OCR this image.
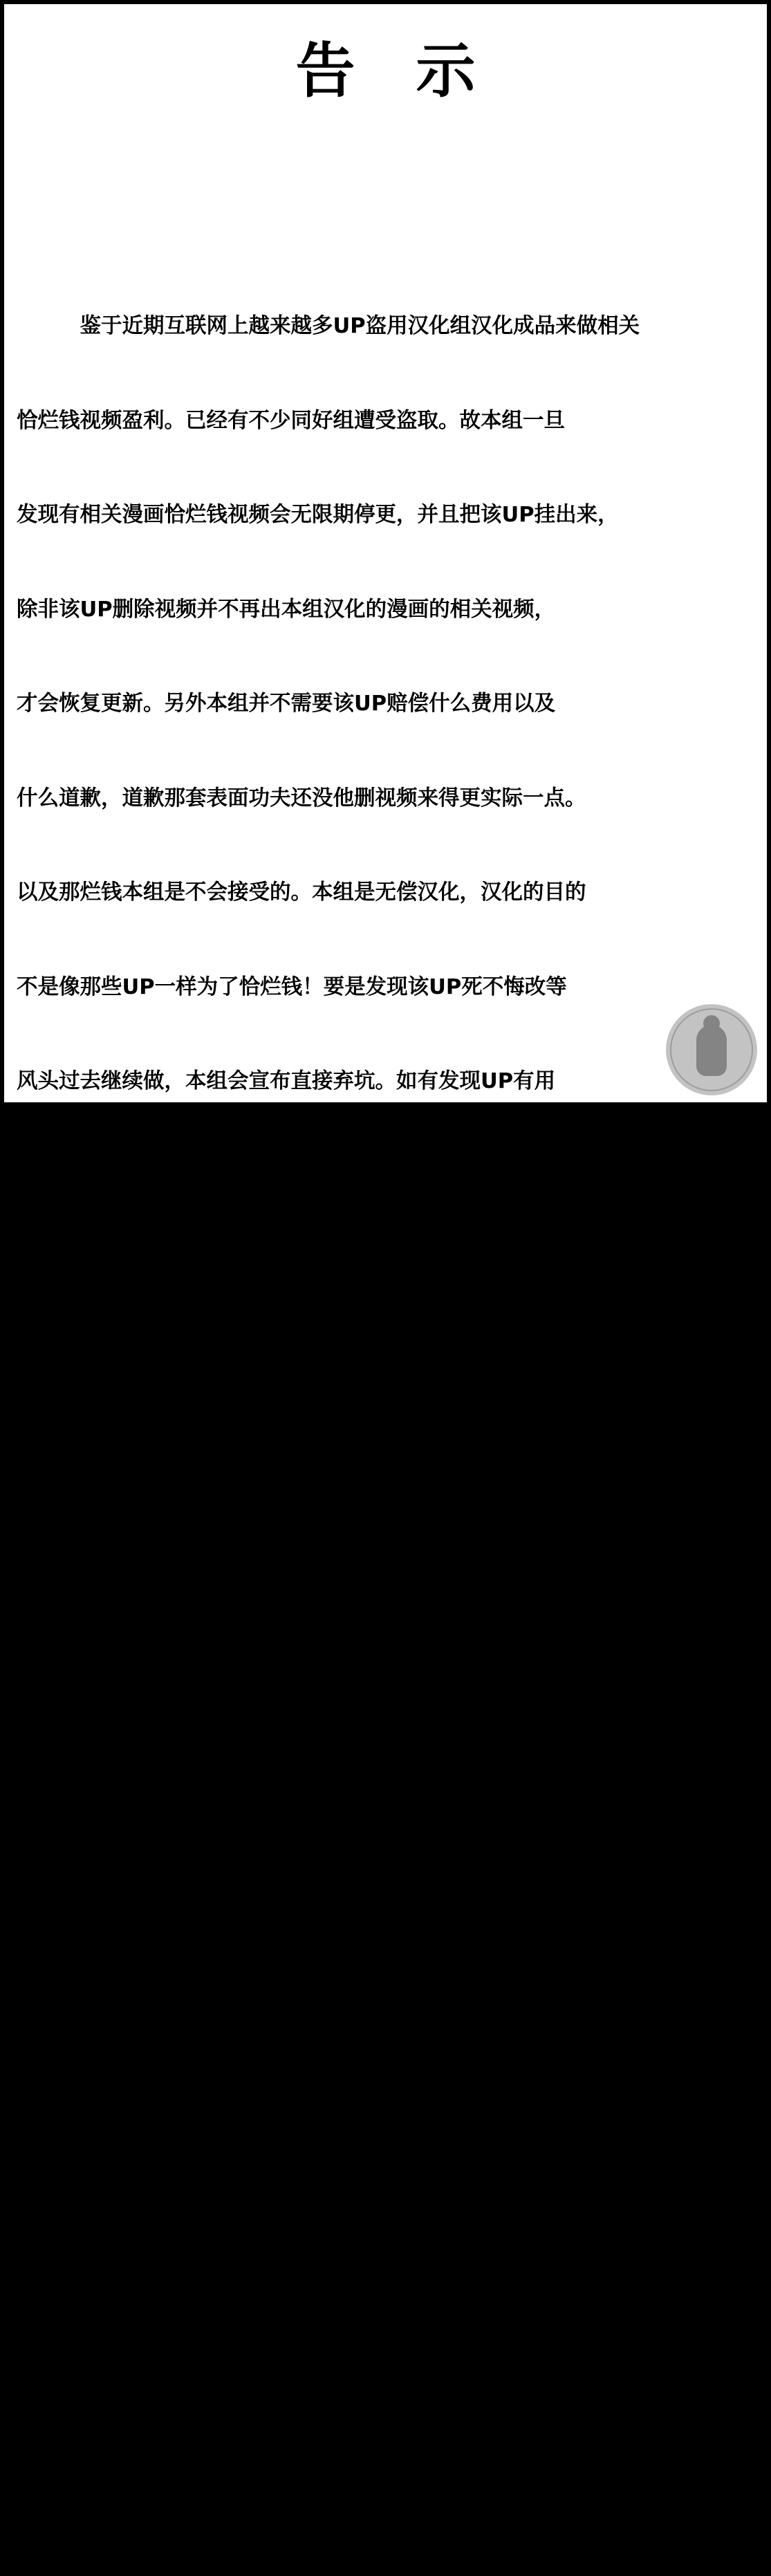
告示

　　　鉴于近期互联网上越来越多UP盗用汉化组汉化成品来做相关

恰烂钱视频盈利。已经有不少同好组遭受盗取。故本组一旦

发现有相关漫画恰烂钱视频会无限期停更，并且把该UP挂出来，

除非该UP删除视频并不再出本组汉化的漫画的相关视频，

才会恢复更新。另外本组并不需要该UP赔偿什么费用以及

什么道歉，道歉那套表面功夫还没他删视频来得更实际一点。

以及那烂钱本组是不会接受的。本组是无偿汉化，汉化的目的

不是像那些UP一样为了恰烂钱！要是发现该UP死不悔改等

风头过去继续做，本组会宣布直接弃坑。如有发现UP有用

日文原版生肉

或其他外语版本的图源来制作视频的话，本组也会停更等该UP的

进度超过本组汉化的进度以后会继续更新，防止该UP使用

汉化成品以外的图源做视频，然后暗地参考汉化的版本来进行

所谓的“二创”，汉化本身就是灰色地带，汉化组大部分也无

版权可言。少部分有得到作者亲自授权汉化的作品另外一说，

一旦出现有人利用汉化成品进行盈利，版权方会凭着

盈利视频作为证据来寻找汉化的汉化组，到时候会牵连到

汉化组组所有组员的人身安全的话。会对汉化圈造成巨大的影响，

以后就基本就别想看到汉化组汉化了。因为会有一定人身安全的

风险，汉化组不汉化又不会死。最终只会是大家都没得看。

另外各位漫友有发现有UP确实是使用本组的汉化成品做专门

的恰烂钱视频的话麻烦请告知，本组会第一时间去确认。您的

告知是保护了汉化组的人身安全。同时也是保护了汉化的环境

谢谢各位一起维护这个良好的汉化环境。
